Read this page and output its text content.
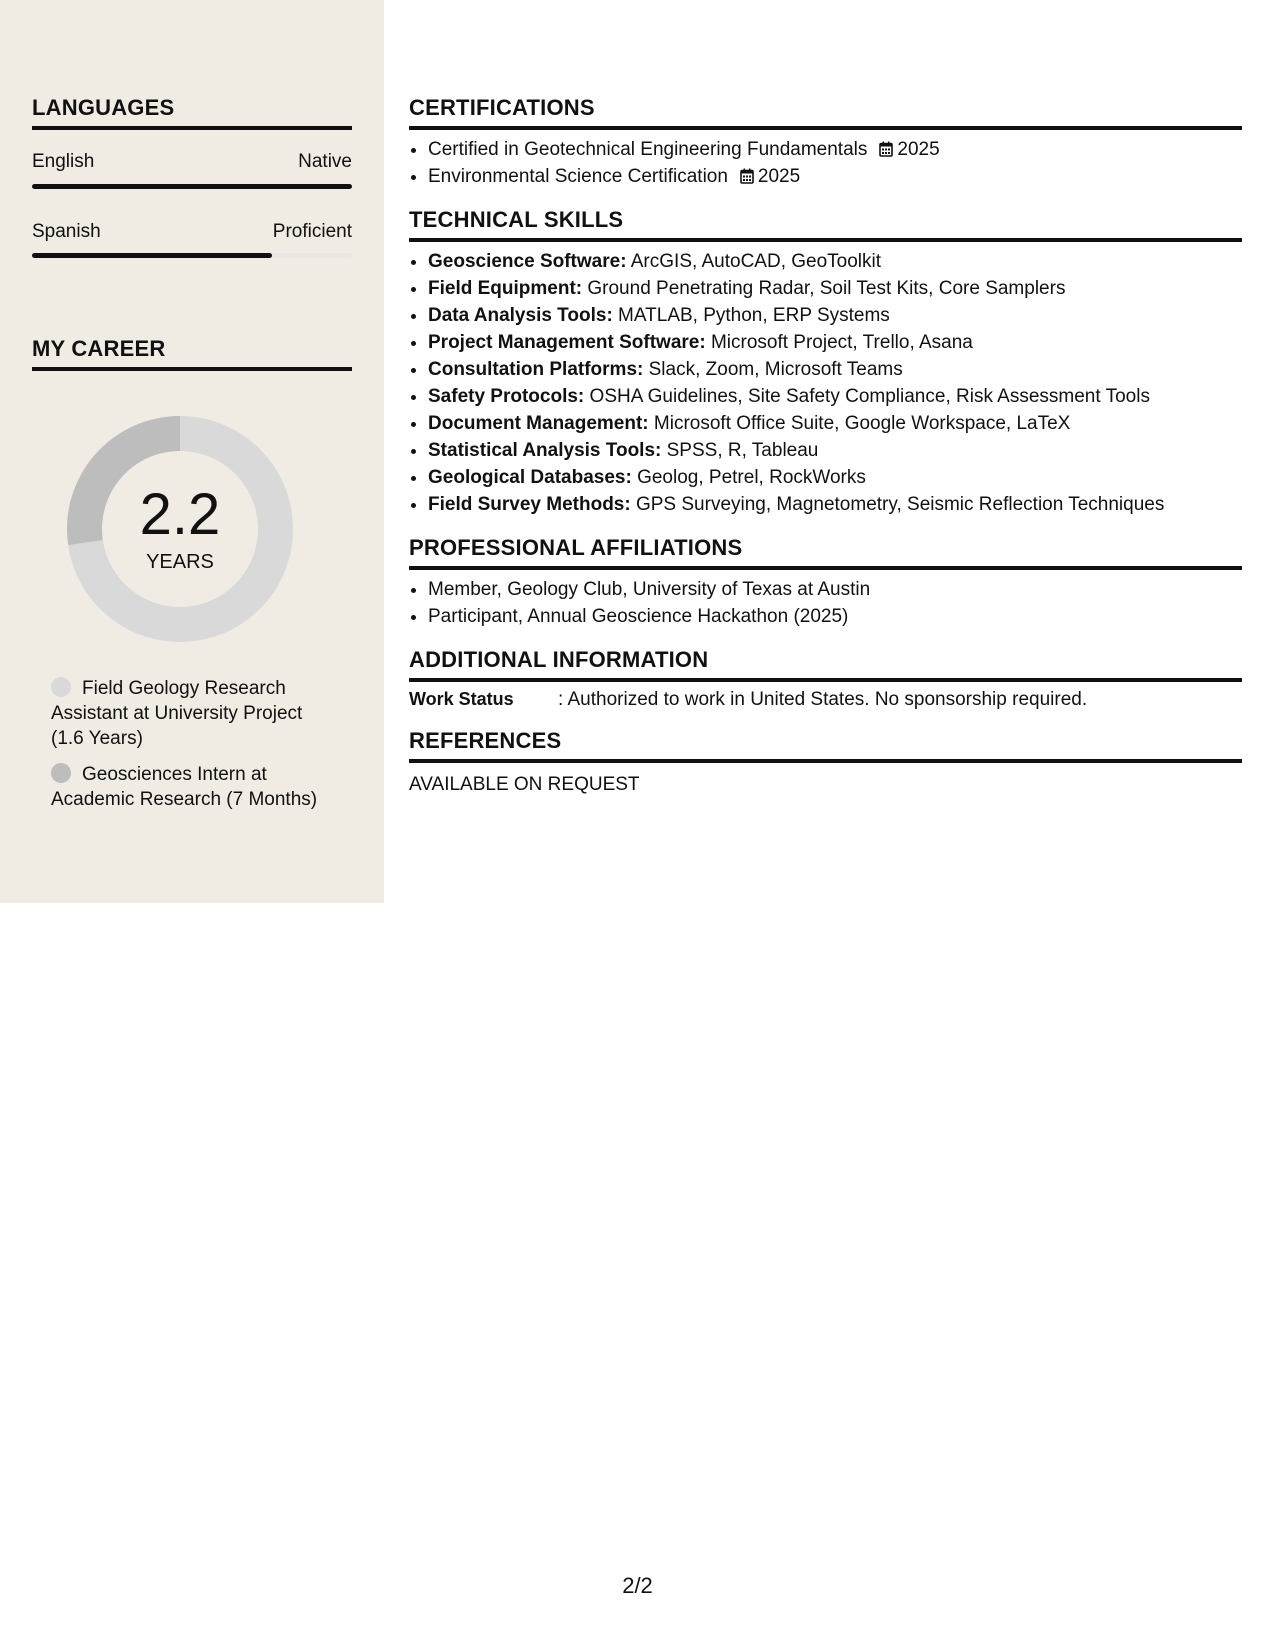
LANGUAGES
English	Native
Spanish	Proficient
MY CAREER
2.2
YEARS
Field Geology Research Assistant at University Project (1.6 Years)
Geosciences Intern at Academic Research (7 Months)
CERTIFICATIONS
• Certified in Geotechnical Engineering Fundamentals 2025
• Environmental Science Certification 2025
TECHNICAL SKILLS
• Geoscience Software: ArcGIS, AutoCAD, GeoToolkit
• Field Equipment: Ground Penetrating Radar, Soil Test Kits, Core Samplers
• Data Analysis Tools: MATLAB, Python, ERP Systems
• Project Management Software: Microsoft Project, Trello, Asana
• Consultation Platforms: Slack, Zoom, Microsoft Teams
• Safety Protocols: OSHA Guidelines, Site Safety Compliance, Risk Assessment Tools
• Document Management: Microsoft Office Suite, Google Workspace, LaTeX
• Statistical Analysis Tools: SPSS, R, Tableau
• Geological Databases: Geolog, Petrel, RockWorks
• Field Survey Methods: GPS Surveying, Magnetometry, Seismic Reflection Techniques
PROFESSIONAL AFFILIATIONS
• Member, Geology Club, University of Texas at Austin
• Participant, Annual Geoscience Hackathon (2025)
ADDITIONAL INFORMATION
Work Status : Authorized to work in United States. No sponsorship required.
REFERENCES
AVAILABLE ON REQUEST
2/2
